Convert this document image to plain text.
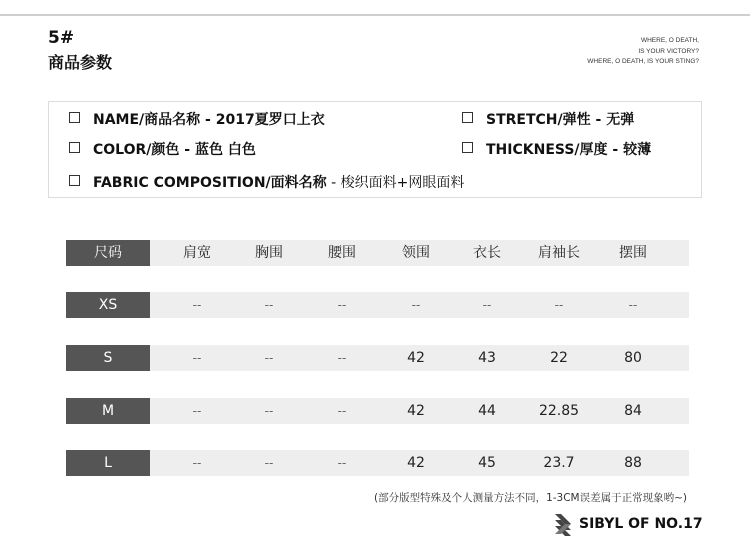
5#
商品参数
WHERE, O DEATH,
IS YOUR VICTORY?
WHERE, O DEATH, IS YOUR STING?
NAME/商品名称 - 2017夏罗口上衣	STRETCH/弹性 - 无弹
COLOR/颜色 - 蓝色 白色	THICKNESS/厚度 - 较薄
FABRIC COMPOSITION/面料名称 - 梭织面料+网眼面料
尺码	肩宽	胸围	腰围	领围	衣长	肩袖长	摆围
XS	--	--	--	--	--	--	--
S	--	--	--	42	43	22	80
M	--	--	--	42	44	22.85	84
L	--	--	--	42	45	23.7	88
(部分版型特殊及个人测量方法不同，1-3CM误差属于正常现象哟~)
SIBYL OF NO.17
